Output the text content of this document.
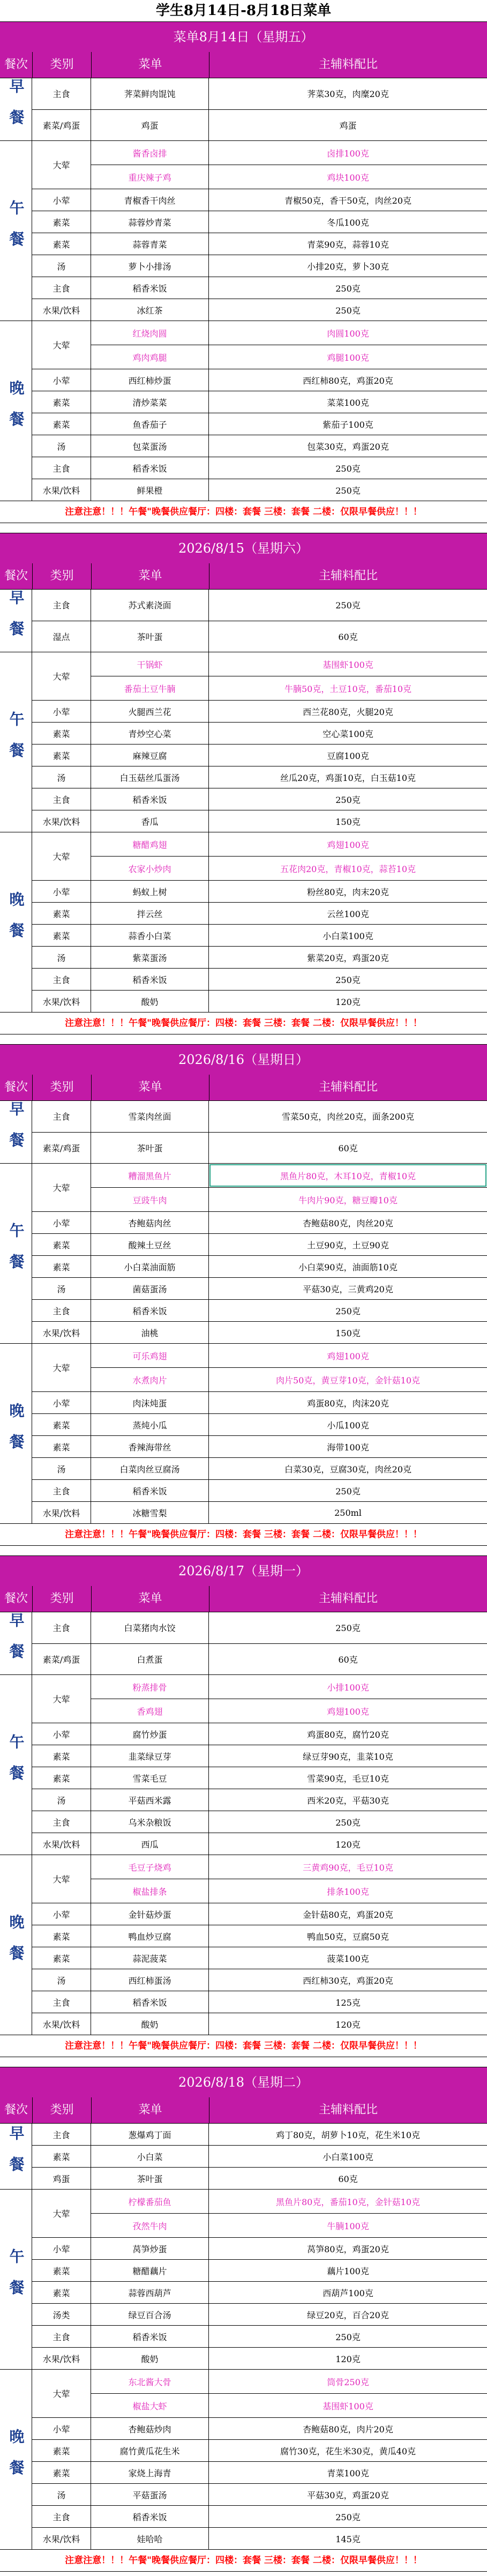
学生8月14日-8月18日菜单
菜单8月14日（星期五）
餐次	类别	菜单	主辅料配比
早餐	主食	荠菜鲜肉馄饨	荠菜30克，肉糜20克
素菜/鸡蛋	鸡蛋	鸡蛋
午餐
大荤
酱香卤排	卤排100克
重庆辣子鸡	鸡块100克
小荤	青椒香干肉丝	青椒50克，香干50克，肉丝20克
素菜	蒜蓉炒青菜	冬瓜100克
素菜	蒜蓉青菜	青菜90克，蒜蓉10克
汤	萝卜小排汤	小排20克，萝卜30克
主食	稻香米饭	250克
水果/饮料	冰红茶	250克
晚餐
大荤
红烧肉圆	肉圆100克
鸡肉鸡腿	鸡腿100克
小荤	西红柿炒蛋	西红柿80克，鸡蛋20克
素菜	清炒菜菜	菜菜100克
素菜	鱼香茄子	紫茄子100克
汤	包菜蛋汤	包菜30克，鸡蛋20克
主食	稻香米饭	250克
水果/饮料	鲜果橙	250克
注意注意！！！午餐"晚餐供应餐厅：四楼：套餐 三楼：套餐 二楼：仅限早餐供应！！！
2026/8/15（星期六）
餐次	类别	菜单	主辅料配比
早餐	主食	苏式素浇面	250克
湿点	茶叶蛋	60克
午餐
大荤
干锅虾	基围虾100克
番茄土豆牛腩	牛腩50克，土豆10克，番茄10克
小荤	火腿西兰花	西兰花80克，火腿20克
素菜	青炒空心菜	空心菜100克
素菜	麻辣豆腐	豆腐100克
汤	白玉菇丝瓜蛋汤	丝瓜20克，鸡蛋10克，白玉菇10克
主食	稻香米饭	250克
水果/饮料	香瓜	150克
晚餐
大荤
糖醋鸡翅	鸡翅100克
农家小炒肉	五花肉20克，青椒10克，蒜苔10克
小荤	蚂蚁上树	粉丝80克，肉末20克
素菜	拌云丝	云丝100克
素菜	蒜香小白菜	小白菜100克
汤	紫菜蛋汤	紫菜20克，鸡蛋20克
主食	稻香米饭	250克
水果/饮料	酸奶	120克
注意注意！！！午餐"晚餐供应餐厅：四楼：套餐 三楼：套餐 二楼：仅限早餐供应！！！
2026/8/16（星期日）
餐次	类别	菜单	主辅料配比
早餐	主食	雪菜肉丝面	雪菜50克，肉丝20克，面条200克
素菜/鸡蛋	茶叶蛋	60克
午餐
大荤
糟溜黑鱼片	黑鱼片80克，木耳10克，青椒10克
豆豉牛肉	牛肉片90克，糖豆瓣10克
小荤	杏鲍菇肉丝	杏鲍菇80克，肉丝20克
素菜	酸辣土豆丝	土豆90克，土豆90克
素菜	小白菜油面筋	小白菜90克，油面筋10克
汤	菌菇蛋汤	平菇30克，三黄鸡20克
主食	稻香米饭	250克
水果/饮料	油桃	150克
晚餐
大荤
可乐鸡翅	鸡翅100克
水煮肉片	肉片50克，黄豆芽10克，金针菇10克
小荤	肉沫炖蛋	鸡蛋80克，肉沫20克
素菜	蒸炖小瓜	小瓜100克
素菜	香辣海带丝	海带100克
汤	白菜肉丝豆腐汤	白菜30克，豆腐30克，肉丝20克
主食	稻香米饭	250克
水果/饮料	冰糖雪梨	250ml
注意注意！！！午餐"晚餐供应餐厅：四楼：套餐 三楼：套餐 二楼：仅限早餐供应！！！
2026/8/17（星期一）
餐次	类别	菜单	主辅料配比
早餐	主食	白菜猪肉水饺	250克
素菜/鸡蛋	白煮蛋	60克
午餐
大荤
粉蒸排骨	小排100克
香鸡翅	鸡翅100克
小荤	腐竹炒蛋	鸡蛋80克，腐竹20克
素菜	韭菜绿豆芽	绿豆芽90克，韭菜10克
素菜	雪菜毛豆	雪菜90克，毛豆10克
汤	平菇西米露	西米20克，平菇30克
主食	乌米杂粮饭	250克
水果/饮料	西瓜	120克
晚餐
大荤
毛豆子烧鸡	三黄鸡90克，毛豆10克
椒盐排条	排条100克
小荤	金针菇炒蛋	金针菇80克，鸡蛋20克
素菜	鸭血炒豆腐	鸭血50克，豆腐50克
素菜	蒜泥菠菜	菠菜100克
汤	西红柿蛋汤	西红柿30克，鸡蛋20克
主食	稻香米饭	125克
水果/饮料	酸奶	120克
注意注意！！！午餐"晚餐供应餐厅：四楼：套餐 三楼：套餐 二楼：仅限早餐供应！！！
2026/8/18（星期二）
餐次	类别	菜单	主辅料配比
早餐	主食	葱爆鸡丁面	鸡丁80克，胡萝卜10克，花生米10克
素菜	小白菜	小白菜100克
鸡蛋	茶叶蛋	60克
午餐
大荤
柠檬番茄鱼	黑鱼片80克，番茄10克，金针菇10克
孜然牛肉	牛腩100克
小荤	莴笋炒蛋	莴笋80克，鸡蛋20克
素菜	糖醋藕片	藕片100克
素菜	蒜蓉西葫芦	西葫芦100克
汤类	绿豆百合汤	绿豆20克，百合20克
主食	稻香米饭	250克
水果/饮料	酸奶	120克
晚餐
大荤
东北酱大骨	筒骨250克
椒盐大虾	基围虾100克
小荤	杏鲍菇炒肉	杏鲍菇80克，肉片20克
素菜	腐竹黄瓜花生米	腐竹30克，花生米30克，黄瓜40克
素菜	家烧上海青	青菜100克
汤	平菇蛋汤	平菇30克，鸡蛋20克
主食	稻香米饭	250克
水果/饮料	娃哈哈	145克
注意注意！！！午餐"晚餐供应餐厅：四楼：套餐 三楼：套餐 二楼：仅限早餐供应！！！
